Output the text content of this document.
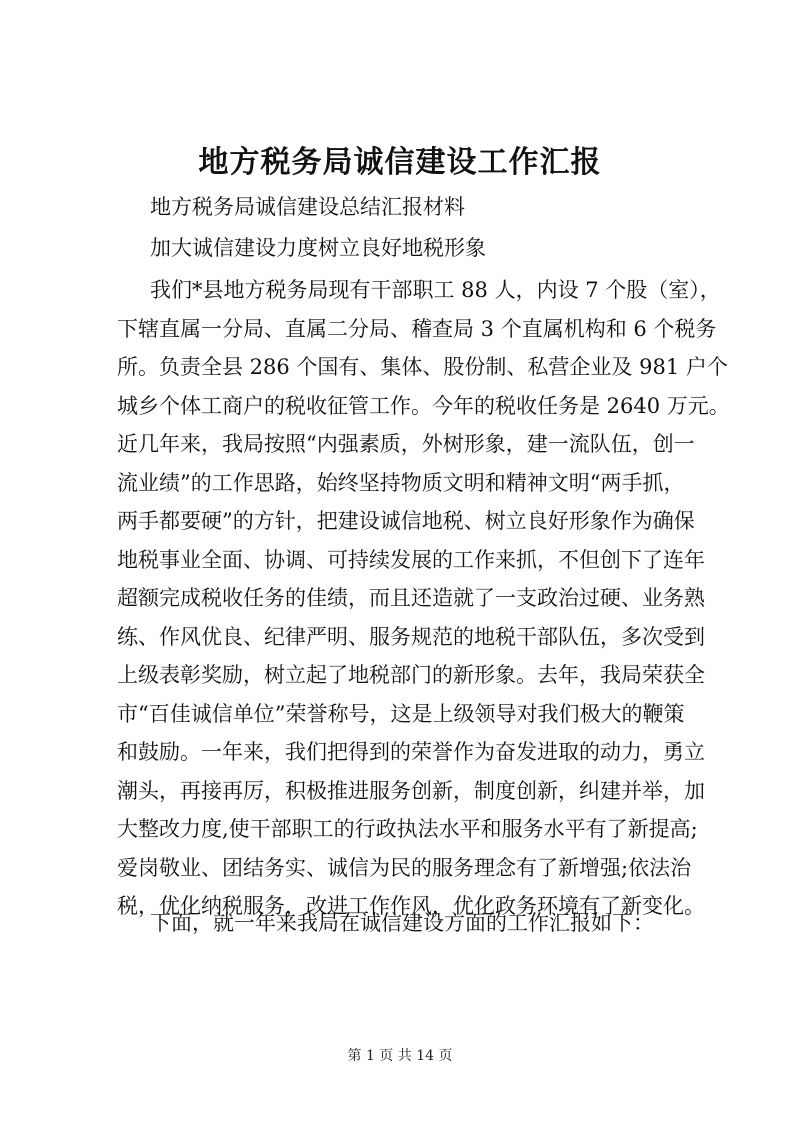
地方税务局诚信建设工作汇报
地方税务局诚信建设总结汇报材料
加大诚信建设力度树立良好地税形象
我们*县地方税务局现有干部职工 88 人，内设 7 个股（室），
下辖直属一分局、直属二分局、稽查局 3 个直属机构和 6 个税务
所。负责全县 286 个国有、集体、股份制、私营企业及 981 户个
城乡个体工商户的税收征管工作。今年的税收任务是 2640 万元。
近几年来，我局按照“内强素质，外树形象，建一流队伍，创一
流业绩”的工作思路，始终坚持物质文明和精神文明“两手抓，
两手都要硬”的方针，把建设诚信地税、树立良好形象作为确保
地税事业全面、协调、可持续发展的工作来抓，不但创下了连年
超额完成税收任务的佳绩，而且还造就了一支政治过硬、业务熟
练、作风优良、纪律严明、服务规范的地税干部队伍，多次受到
上级表彰奖励，树立起了地税部门的新形象。去年，我局荣获全
市“百佳诚信单位”荣誉称号，这是上级领导对我们极大的鞭策
和鼓励。一年来，我们把得到的荣誉作为奋发进取的动力，勇立
潮头，再接再厉，积极推进服务创新，制度创新，纠建并举，加
大整改力度,使干部职工的行政执法水平和服务水平有了新提高;
爱岗敬业、团结务实、诚信为民的服务理念有了新增强;依法治
税，优化纳税服务，改进工作作风，优化政务环境有了新变化。
下面，就一年来我局在诚信建设方面的工作汇报如下：
第 1 页 共 14 页
